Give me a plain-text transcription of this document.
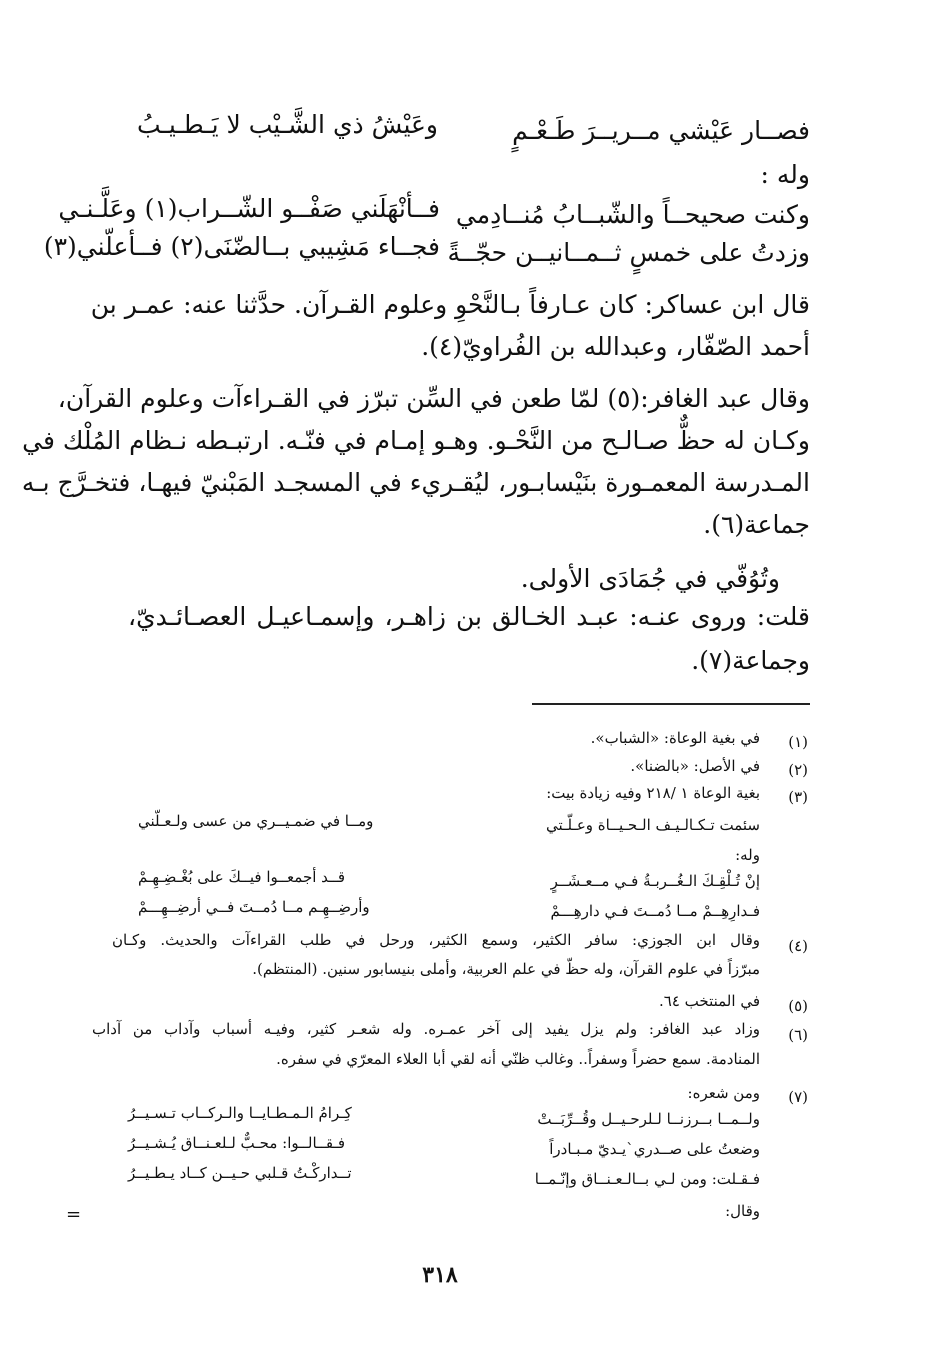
فصــار عَيْشي مــريــرَ طَـعْـمٍ
وعَيْشُ ذي الشَّـيْب لا يَـطـيـبُ
وله :
وكنت صحيحــاً والشّبــابُ مُنــادِمي
فــأنْهَلَني صَفْــو الشّــراب(١) وعَلَّـنـي
وزدتُ على خمسٍ ثــمــانيــن حجّــةً
فجــاء مَشِيبي بــالضّنَى(٢) فــأعلّني(٣)
قال ابن عساكر: كان عـارفاً بـالنَّحْوِ وعلوم القـرآن. حدَّثنا عنه: عمـر بن
أحمد الصّفّار، وعبدالله بن الفُراويّ(٤).
وقال عبد الغافر:(٥) لمّا طعن في السِّن تبرّز في القـراءآت وعلوم القرآن،
وكـان له حظٌّ صـالـح من النَّحْـو. وهـو إمـام في فنّـه. ارتبـطه نـظام المُلْك في
المـدرسة المعمـورة بنَيْسابـور، ليُقـريء في المسجـد المَبْنيّ فيهـا، فتخـرَّج بـه
جماعة(٦).
وتُوُفّي في جُمَادَى الأولى.
قلت: وروى عنـه: عبـد الخـالق بن زاهـر، وإسمـاعيـل العصـائـديّ،
وجماعة(٧).
(١)
في بغية الوعاة: «الشباب».
(٢)
في الأصل: «بالضنا».
(٣)
بغية الوعاة ١ /٢١٨ وفيه زيادة بيت:
سئمت تـكـالـيـف الـحـيــاة وعـلّـتي
ومــا في ضمـيــري من عسى ولـعـلّني
وله:
إنْ تُـلْقِـكَ الـغُــربـةُ فـي مــعـشَــرٍ
قــد أجمعــوا فيــكَ على بُغْـضِـهِـمْ
فـدارِهِــمْ مــا دُمــتَ فـي دارهِـــمْ
وأرضِــهِـم مــا دُمــتَ فــي أرضِــهِـــمْ
(٤)
وقال ابن الجوزي: سافر الكثير، وسمع الكثير، ورحل في طلب القراءآت والحديث. وكـان
مبرّزاً في علوم القرآن، وله حظّ في علم العربية، وأملى بنيسابور سنين. (المنتظم).
(٥)
في المنتخب ٦٤.
(٦)
وزاد عبد الغافر: ولم يزل يفيد إلى آخر عمـره. وله شعـر كثير، وفيـه أسباب وآداب من آداب
المنادمة. سمع حضراً وسفراً.. وغالب ظنّي أنه لقي أبا العلاء المعرّي في سفره.
(٧)
ومن شعره:
ولــمــا بــرزنــا لـلرحـيــل وقُــرِّبَــتْ
كِـرامُ الـمـطـايــا والـركــاب تـسـيــرُ
وضعتُ على صــدري`يـديّ مـبـادراً
فـقــالــوا: محـبٌّ لـلعـنــاق يُـشـيــرُ
فـقـلت: ومن لـي بــالـعـنــاق وإنّـمــا
تــداركْـتُ قـلبي حـيــن كــاد يـطـيــرُ
وقال:
=
٣١٨
